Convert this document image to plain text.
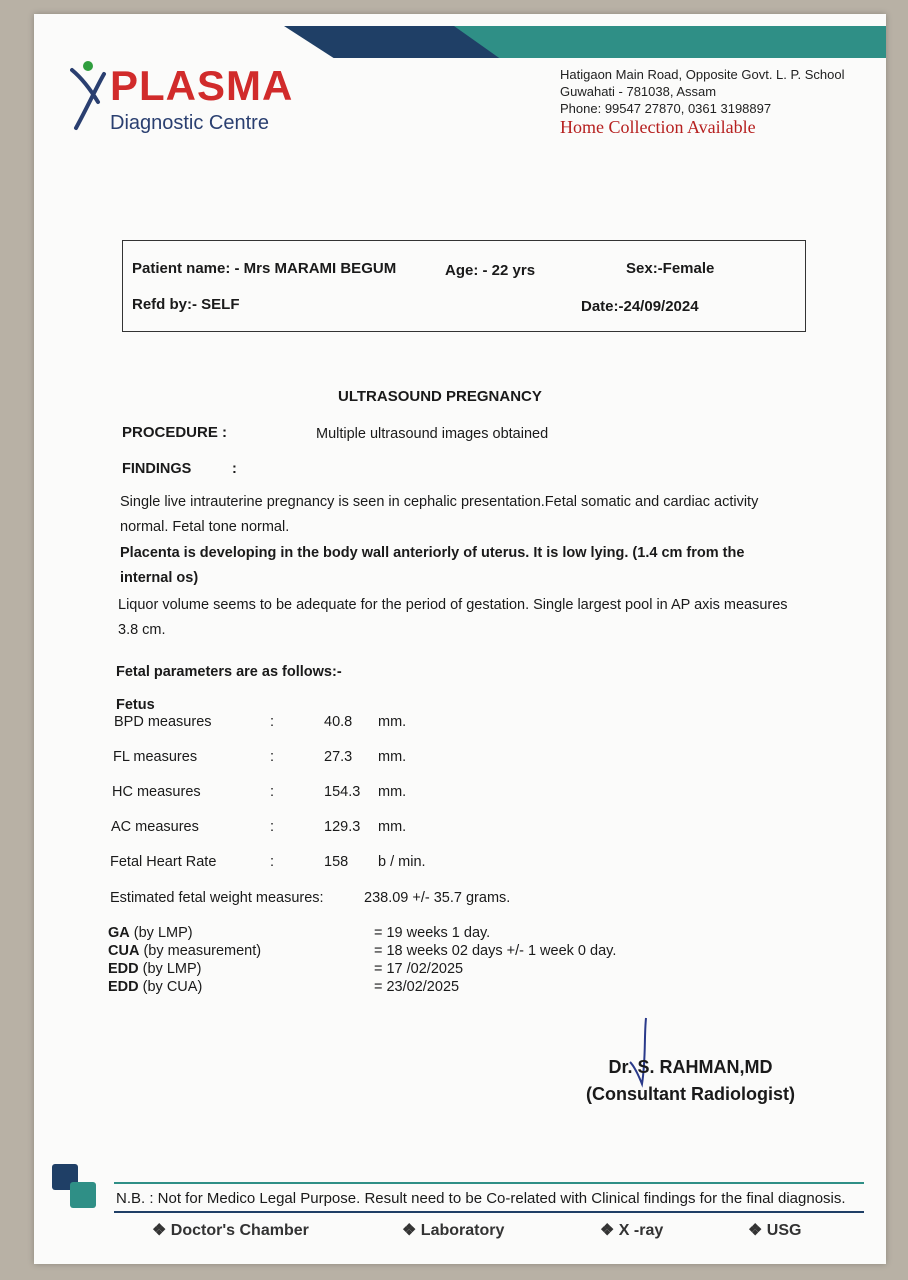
PLASMA
Diagnostic Centre
Hatigaon Main Road, Opposite Govt. L. P. School
Guwahati - 781038, Assam
Phone: 99547 27870, 0361 3198897
Home Collection Available
Patient name: - Mrs MARAMI BEGUM	Age: - 22 yrs	Sex:-Female
Refd by:- SELF	Date:-24/09/2024
ULTRASOUND PREGNANCY
PROCEDURE :	Multiple ultrasound images obtained
FINDINGS	:
Single live intrauterine pregnancy is seen in cephalic presentation.Fetal somatic and cardiac activity normal. Fetal tone normal.
Placenta is developing in the body wall anteriorly of uterus. It is low lying. (1.4 cm from the internal os)
Liquor volume seems to be adequate for the period of gestation. Single largest pool in AP axis measures 3.8 cm.
Fetal parameters are as follows:-
Fetus
BPD measures	:	40.8 mm.
FL measures	:	27.3 mm.
HC measures	:	154.3 mm.
AC measures	:	129.3 mm.
Fetal Heart Rate	:	158 b / min.
Estimated fetal weight measures:	238.09 +/- 35.7 grams.
GA (by LMP)	= 19 weeks 1 day.
CUA (by measurement)	= 18 weeks 02 days +/- 1 week 0 day.
EDD (by LMP)	= 17 /02/2025
EDD (by CUA)	= 23/02/2025
Dr. S. RAHMAN,MD
(Consultant Radiologist)
N.B. : Not for Medico Legal Purpose. Result need to be Co-related with Clinical findings for the final diagnosis.
❖ Doctor's Chamber	❖ Laboratory	❖ X -ray	❖ USG
